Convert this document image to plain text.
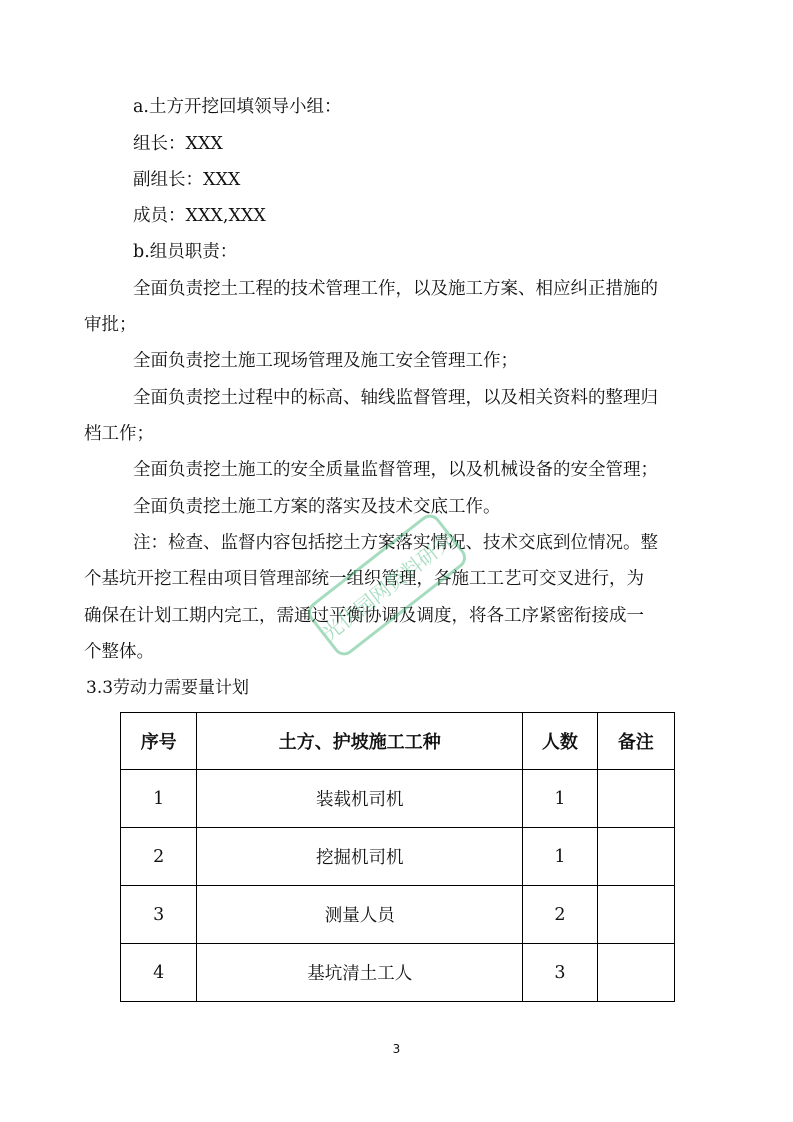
a.土方开挖回填领导小组：
组长：XXX
副组长：XXX
成员：XXX,XXX
b.组员职责：
全面负责挖土工程的技术管理工作，以及施工方案、相应纠正措施的
审批；
全面负责挖土施工现场管理及施工安全管理工作；
全面负责挖土过程中的标高、轴线监督管理，以及相关资料的整理归
档工作；
全面负责挖土施工的安全质量监督管理，以及机械设备的安全管理；
全面负责挖土施工方案的落实及技术交底工作。
注：检查、监督内容包括挖土方案落实情况、技术交底到位情况。整
个基坑开挖工程由项目管理部统一组织管理，各施工工艺可交叉进行，为
确保在计划工期内完工，需通过平衡协调及调度，将各工序紧密衔接成一
个整体。
3.3劳动力需要量计划
序号	土方、护坡施工工种	人数	备注
1	装载机司机	1	
2	挖掘机司机	1	
3	测量人员	2	
4	基坑清土工人	3	
光伏园网资料研究
3
